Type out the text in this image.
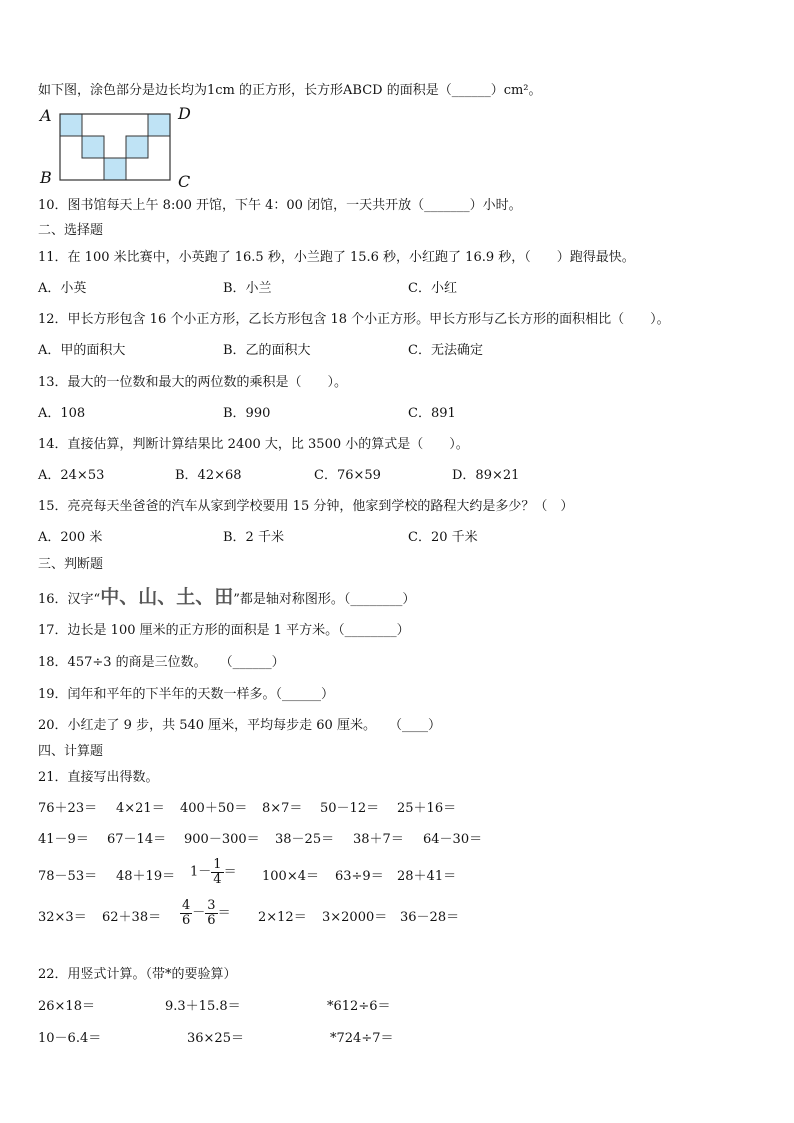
如下图，涂色部分是边长均为1cm 的正方形，长方形ABCD 的面积是（______）cm²。
A
B	C
D
10．图书馆每天上午 8:00 开馆，下午 4：00 闭馆，一天共开放（_______）小时。
二、选择题
11．在 100 米比赛中，小英跑了 16.5 秒，小兰跑了 15.6 秒，小红跑了 16.9 秒，（　　）跑得最快。
A．小英	B．小兰	C．小红
12．甲长方形包含 16 个小正方形，乙长方形包含 18 个小正方形。甲长方形与乙长方形的面积相比（　　）。
A．甲的面积大	B．乙的面积大	C．无法确定
13．最大的一位数和最大的两位数的乘积是（　　）。
A．108	B．990	C．891
14．直接估算，判断计算结果比 2400 大，比 3500 小的算式是（　　）。
A．24×53	B．42×68	C．76×59	D．89×21
15．亮亮每天坐爸爸的汽车从家到学校要用 15 分钟，他家到学校的路程大约是多少？（　）
A．200 米	B．2 千米	C．20 千米
三、判断题
16．汉字“中、山、土、田”都是轴对称图形。（________）
17．边长是 100 厘米的正方形的面积是 1 平方米。（________）
18．457÷3 的商是三位数。　　（______）
19．闰年和平年的下半年的天数一样多。（______）
20．小红走了 9 步，共 540 厘米，平均每步走 60 厘米。　　（____）
四、计算题
21．直接写出得数。
76＋23＝ 4×21＝ 400＋50＝ 8×7＝ 50－12＝ 25＋16＝
41－9＝ 67－14＝ 900－300＝ 38－25＝ 38＋7＝ 64－30＝
$78-53= 48+19= 1- \frac{1}{4} = 100\times 4= 63\div 9= 28+41=$
$32\times 3= 62+38= \frac{4}{6} - \frac{3}{6} = 2\times 12= 3\times 2000= 36-28=$
22．用竖式计算。（带*的要验算）
26×18＝	9.3＋15.8＝	*612÷6＝
10－6.4＝	36×25＝	*724÷7＝
